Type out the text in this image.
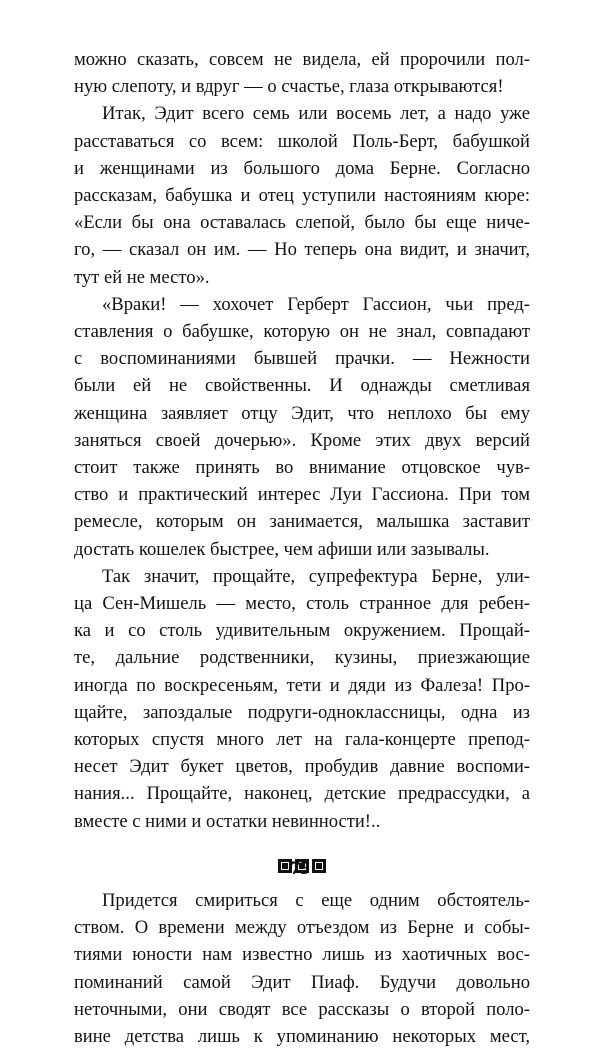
можно сказать, совсем не видела, ей пророчили пол-
ную слепоту, и вдруг — о счастье, глаза открываются!

Итак, Эдит всего семь или восемь лет, а надо уже
расставаться со всем: школой Поль-Берт, бабушкой
и женщинами из большого дома Берне. Согласно
рассказам, бабушка и отец уступили настояниям кюре:
«Если бы она оставалась слепой, было бы еще ниче-
го, — сказал он им. — Но теперь она видит, и значит,
тут ей не место».

«Враки! — хохочет Герберт Гассион, чьи пред-
ставления о бабушке, которую он не знал, совпадают
с воспоминаниями бывшей прачки. — Нежности
были ей не свойственны. И однажды сметливая
женщина заявляет отцу Эдит, что неплохо бы ему
заняться своей дочерью». Кроме этих двух версий
стоит также принять во внимание отцовское чув-
ство и практический интерес Луи Гассиона. При том
ремесле, которым он занимается, малышка заставит
достать кошелек быстрее, чем афиши или зазывалы.

Так значит, прощайте, супрефектура Берне, ули-
ца Сен-Мишель — место, столь странное для ребен-
ка и со столь удивительным окружением. Прощай-
те, дальние родственники, кузины, приезжающие
иногда по воскресеньям, тети и дяди из Фалеза! Про-
щайте, запоздалые подруги-одноклассницы, одна из
которых спустя много лет на гала-концерте препод-
несет Эдит букет цветов, пробудив давние воспоми-
нания... Прощайте, наконец, детские предрассудки, а
вместе с ними и остатки невинности!..

Придется смириться с еще одним обстоятель-
ством. О времени между отъездом из Берне и собы-
тиями юности нам известно лишь из хаотичных вос-
поминаний самой Эдит Пиаф. Будучи довольно
неточными, они сводят все рассказы о второй поло-
вине детства лишь к упоминанию некоторых мест,

75
